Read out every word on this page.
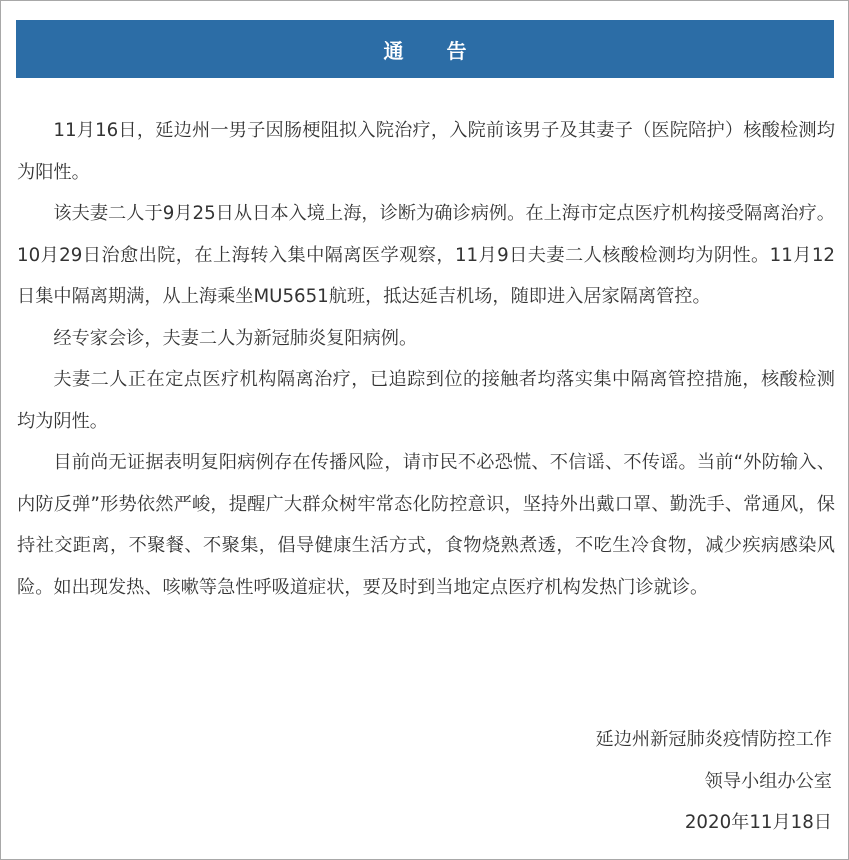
通 告

11月16日，延边州一男子因肠梗阻拟入院治疗，入院前该男子及其妻子（医院陪护）核酸检测均为阳性。

该夫妻二人于9月25日从日本入境上海，诊断为确诊病例。在上海市定点医疗机构接受隔离治疗。10月29日治愈出院，在上海转入集中隔离医学观察，11月9日夫妻二人核酸检测均为阴性。11月12日集中隔离期满，从上海乘坐MU5651航班，抵达延吉机场，随即进入居家隔离管控。

经专家会诊，夫妻二人为新冠肺炎复阳病例。

夫妻二人正在定点医疗机构隔离治疗，已追踪到位的接触者均落实集中隔离管控措施，核酸检测均为阴性。

目前尚无证据表明复阳病例存在传播风险，请市民不必恐慌、不信谣、不传谣。当前“外防输入、内防反弹”形势依然严峻，提醒广大群众树牢常态化防控意识，坚持外出戴口罩、勤洗手、常通风，保持社交距离，不聚餐、不聚集，倡导健康生活方式，食物烧熟煮透，不吃生冷食物，减少疾病感染风险。如出现发热、咳嗽等急性呼吸道症状，要及时到当地定点医疗机构发热门诊就诊。

延边州新冠肺炎疫情防控工作
领导小组办公室
2020年11月18日
